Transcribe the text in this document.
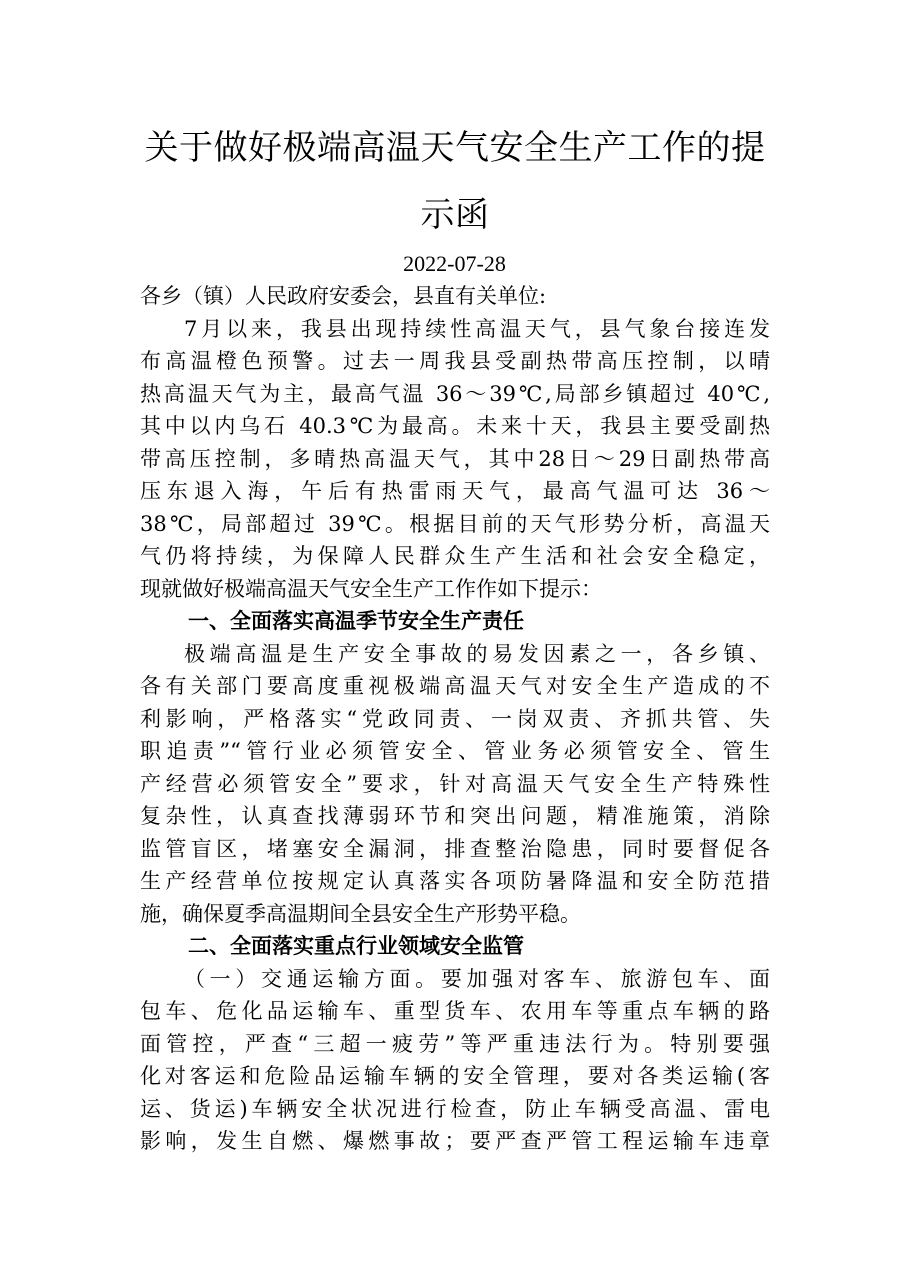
关于做好极端高温天气安全生产工作的提
示函
2022-07-28
各乡（镇）人民政府安委会，县直有关单位:
7月以来，我县出现持续性高温天气，县气象台接连发
布高温橙色预警。过去一周我县受副热带高压控制，以晴
热高温天气为主，最高气温 36～39℃,局部乡镇超过 40℃,
其中以内乌石 40.3℃为最高。未来十天，我县主要受副热
带高压控制，多晴热高温天气，其中28日～29日副热带高
压东退入海，午后有热雷雨天气，最高气温可达 36～
38℃，局部超过 39℃。根据目前的天气形势分析，高温天
气仍将持续，为保障人民群众生产生活和社会安全稳定，
现就做好极端高温天气安全生产工作作如下提示：
一、全面落实高温季节安全生产责任
极端高温是生产安全事故的易发因素之一，各乡镇、
各有关部门要高度重视极端高温天气对安全生产造成的不
利影响，严格落实“党政同责、一岗双责、齐抓共管、失
职追责”“管行业必须管安全、管业务必须管安全、管生
产经营必须管安全”要求，针对高温天气安全生产特殊性
复杂性，认真查找薄弱环节和突出问题，精准施策，消除
监管盲区，堵塞安全漏洞，排查整治隐患，同时要督促各
生产经营单位按规定认真落实各项防暑降温和安全防范措
施，确保夏季高温期间全县安全生产形势平稳。
二、全面落实重点行业领域安全监管
（一）交通运输方面。要加强对客车、旅游包车、面
包车、危化品运输车、重型货车、农用车等重点车辆的路
面管控，严查“三超一疲劳”等严重违法行为。特别要强
化对客运和危险品运输车辆的安全管理，要对各类运输(客
运、货运)车辆安全状况进行检查，防止车辆受高温、雷电
影响，发生自燃、爆燃事故；要严查严管工程运输车违章
